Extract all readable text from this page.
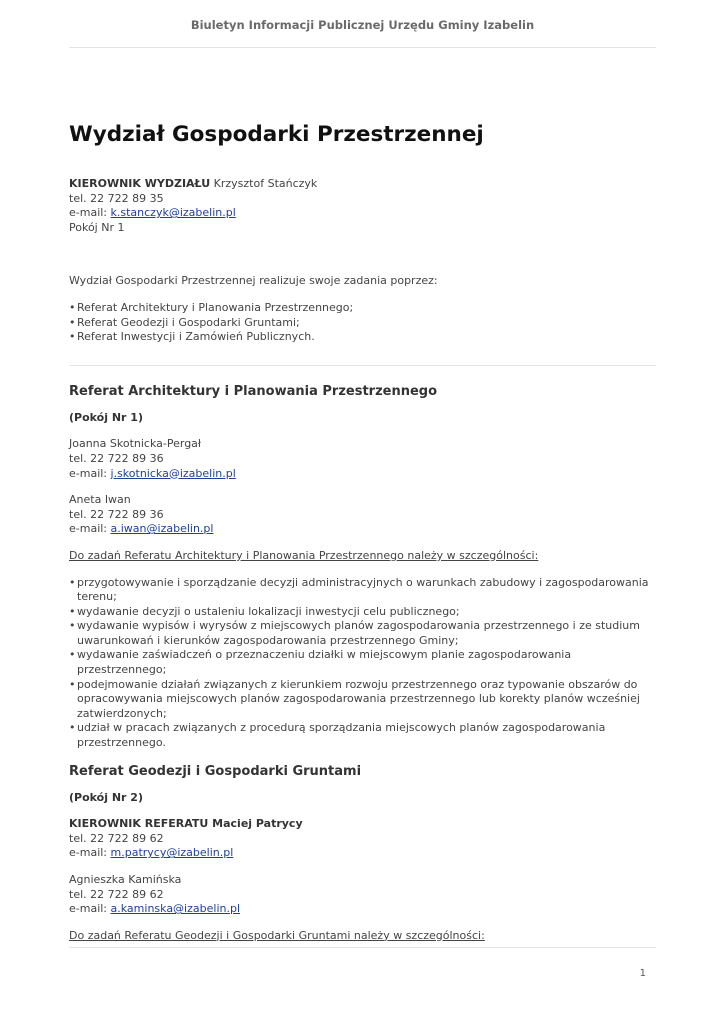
Biuletyn Informacji Publicznej Urzędu Gminy Izabelin
Wydział Gospodarki Przestrzennej

KIEROWNIK WYDZIAŁU Krzysztof Stańczyk

tel. 22 722 89 35

e-mail: k.stanczyk@izabelin.pl

Pokój Nr 1

Wydział Gospodarki Przestrzennej realizuje swoje zadania poprzez:

• Referat Architektury i Planowania Przestrzennego;
• Referat Geodezji i Gospodarki Gruntami;
• Referat Inwestycji i Zamówień Publicznych.
Referat Architektury i Planowania Przestrzennego

(Pokój Nr 1)

Joanna Skotnicka-Pergał

tel. 22 722 89 36

e-mail: j.skotnicka@izabelin.pl

Aneta Iwan

tel. 22 722 89 36

e-mail: a.iwan@izabelin.pl

Do zadań Referatu Architektury i Planowania Przestrzennego należy w szczególności:

• przygotowywanie i sporządzanie decyzji administracyjnych o warunkach zabudowy i zagospodarowania terenu;
• wydawanie decyzji o ustaleniu lokalizacji inwestycji celu publicznego;
• wydawanie wypisów i wyrysów z miejscowych planów zagospodarowania przestrzennego i ze studium uwarunkowań i kierunków zagospodarowania przestrzennego Gminy;
• wydawanie zaświadczeń o przeznaczeniu działki w miejscowym planie zagospodarowania przestrzennego;
• podejmowanie działań związanych z kierunkiem rozwoju przestrzennego oraz typowanie obszarów do opracowywania miejscowych planów zagospodarowania przestrzennego lub korekty planów wcześniej zatwierdzonych;
• udział w pracach związanych z procedurą sporządzania miejscowych planów zagospodarowania przestrzennego.
Referat Geodezji i Gospodarki Gruntami

(Pokój Nr 2)

KIEROWNIK REFERATU Maciej Patrycy

tel. 22 722 89 62

e-mail: m.patrycy@izabelin.pl

Agnieszka Kamińska

tel. 22 722 89 62

e-mail: a.kaminska@izabelin.pl

Do zadań Referatu Geodezji i Gospodarki Gruntami należy w szczególności:

1
